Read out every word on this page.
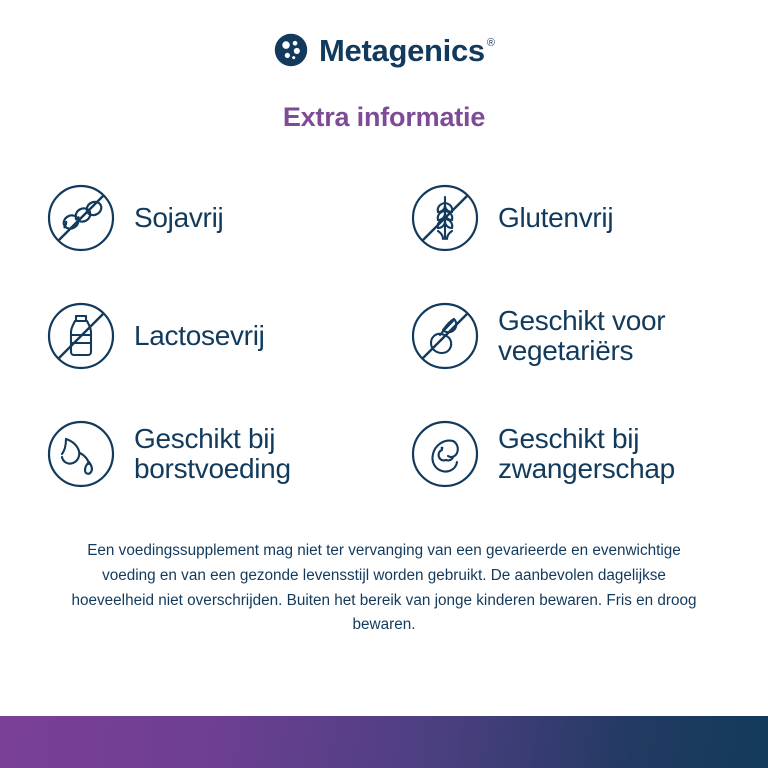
Metagenics ®
Extra informatie
Sojavrij	Glutenvrij
Lactosevrij	Geschikt voor vegetariërs
Geschikt bij borstvoeding
Geschikt bij zwangerschap

Een voedingssupplement mag niet ter vervanging van een gevarieerde en evenwichtige voeding en van een gezonde levensstijl worden gebruikt. De aanbevolen dagelijkse hoeveelheid niet overschrijden. Buiten het bereik van jonge kinderen bewaren. Fris en droog bewaren.
